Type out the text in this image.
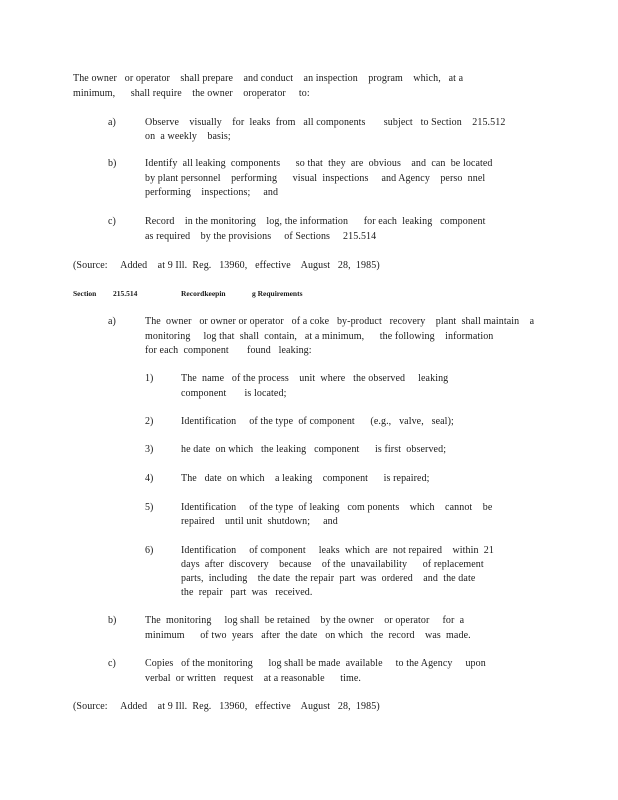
The owner   or operator    shall prepare    and conduct    an inspection    program    which,   at a
minimum,      shall require    the owner    oroperator     to:
a)	Observe    visually    for  leaks  from   all components       subject   to Section    215.512
on  a weekly    basis;
b)	Identify  all leaking  components      so that  they  are  obvious    and  can  be located
by plant personnel    performing      visual  inspections     and Agency    perso  nnel
performing    inspections;     and
c)	Record    in the monitoring    log, the information      for each  leaking   component
as required    by the provisions     of Sections     215.514
(Source:     Added    at 9 Ill.  Reg.   13960,   effective    August   28,  1985)
Section 215.514	Recordkeepin	g Requirements
a)	The  owner   or owner or operator   of a coke   by-product   recovery    plant  shall maintain    a
monitoring     log that  shall  contain,   at a minimum,      the following    information
for each  component       found   leaking:
1)	The  name   of the process    unit  where   the observed     leaking
component       is located;
2)	Identification     of the type  of component      (e.g.,   valve,   seal);
3)	he date  on which   the leaking   component      is first  observed;
4)	The   date  on which    a leaking    component      is repaired;
5)	Identification     of the type  of leaking   com ponents    which    cannot    be
repaired    until unit  shutdown;     and
6)	Identification     of component     leaks  which  are  not repaired    within  21
days  after  discovery    because    of the  unavailability      of replacement
parts,  including    the date  the repair  part  was  ordered    and  the date
the  repair   part  was   received.
b)	The  monitoring     log shall  be retained    by the owner    or operator     for  a
minimum      of two  years   after  the date   on which   the  record    was  made.
c)	Copies   of the monitoring      log shall be made  available     to the Agency     upon
verbal  or written   request    at a reasonable      time.
(Source:     Added    at 9 Ill.  Reg.   13960,   effective    August   28,  1985)
